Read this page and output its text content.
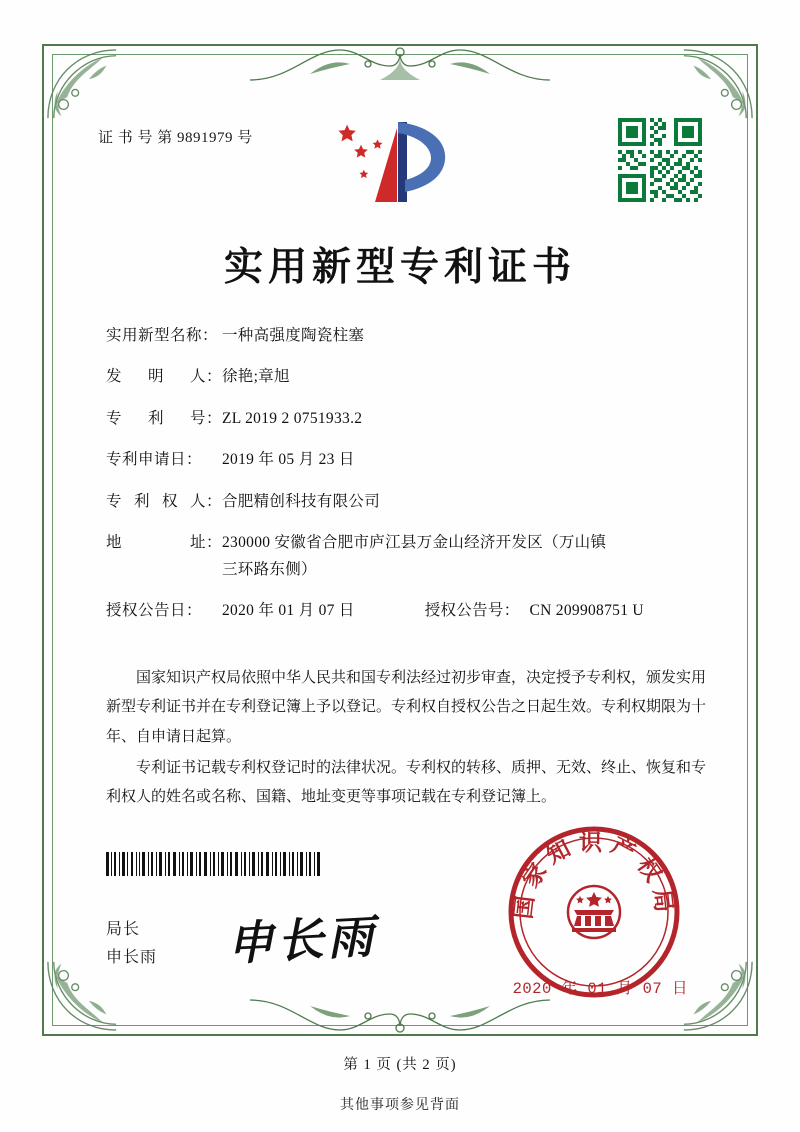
证 书 号 第 9891979 号
实用新型专利证书
实用新型名称： 一种高强度陶瓷柱塞
发 明 人： 徐艳;章旭
专 利 号： ZL 2019 2 0751933.2
专利申请日：	2019 年 05 月 23 日
专 利 权 人： 合肥精创科技有限公司
地	址： 230000 安徽省合肥市庐江县万金山经济开发区（万山镇
三环路东侧）
授权公告日：	2020 年 01 月 07 日	授权公告号： CN 209908751 U

国家知识产权局依照中华人民共和国专利法经过初步审查，决定授予专利权，颁发实用新型专利证书并在专利登记簿上予以登记。专利权自授权公告之日起生效。专利权期限为十年、自申请日起算。

专利证书记载专利权登记时的法律状况。专利权的转移、质押、无效、终止、恢复和专利权人的姓名或名称、国籍、地址变更等事项记载在专利登记簿上。

局长
申长雨 申长雨
国家知识产权局
2020 年 01 月 07 日
第 1 页 (共 2 页)
其他事项参见背面
